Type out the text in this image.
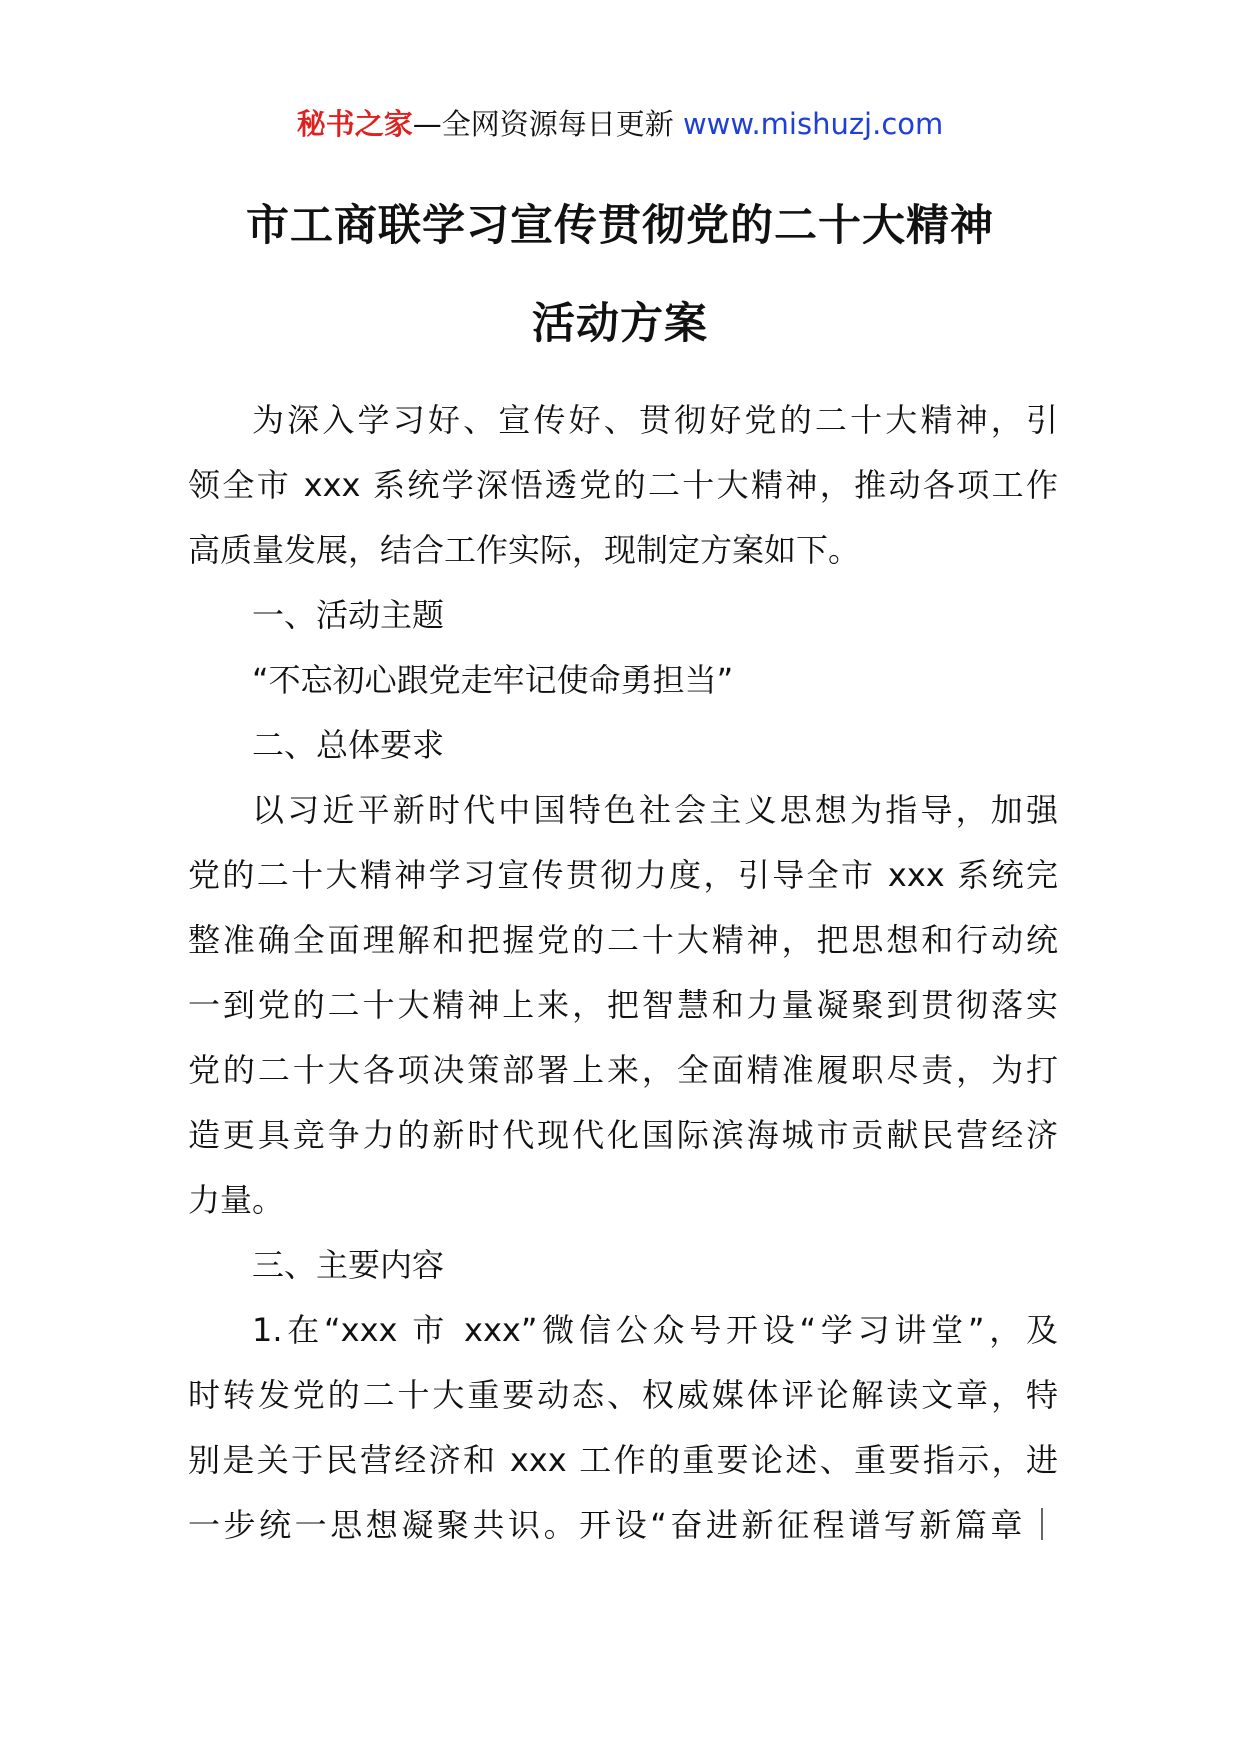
秘书之家—全网资源每日更新 www.mishuzj.com
市工商联学习宣传贯彻党的二十大精神
活动方案
为深入学习好、宣传好、贯彻好党的二十大精神，引
领全市 xxx 系统学深悟透党的二十大精神，推动各项工作
高质量发展，结合工作实际，现制定方案如下。
一、活动主题
“不忘初心跟党走牢记使命勇担当”
二、总体要求
以习近平新时代中国特色社会主义思想为指导，加强
党的二十大精神学习宣传贯彻力度，引导全市 xxx 系统完
整准确全面理解和把握党的二十大精神，把思想和行动统
一到党的二十大精神上来，把智慧和力量凝聚到贯彻落实
党的二十大各项决策部署上来，全面精准履职尽责，为打
造更具竞争力的新时代现代化国际滨海城市贡献民营经济
力量。
三、主要内容
1.在“xxx 市 xxx”微信公众号开设“学习讲堂”，及
时转发党的二十大重要动态、权威媒体评论解读文章，特
别是关于民营经济和 xxx 工作的重要论述、重要指示，进
一步统一思想凝聚共识。开设“奋进新征程谱写新篇章｜
